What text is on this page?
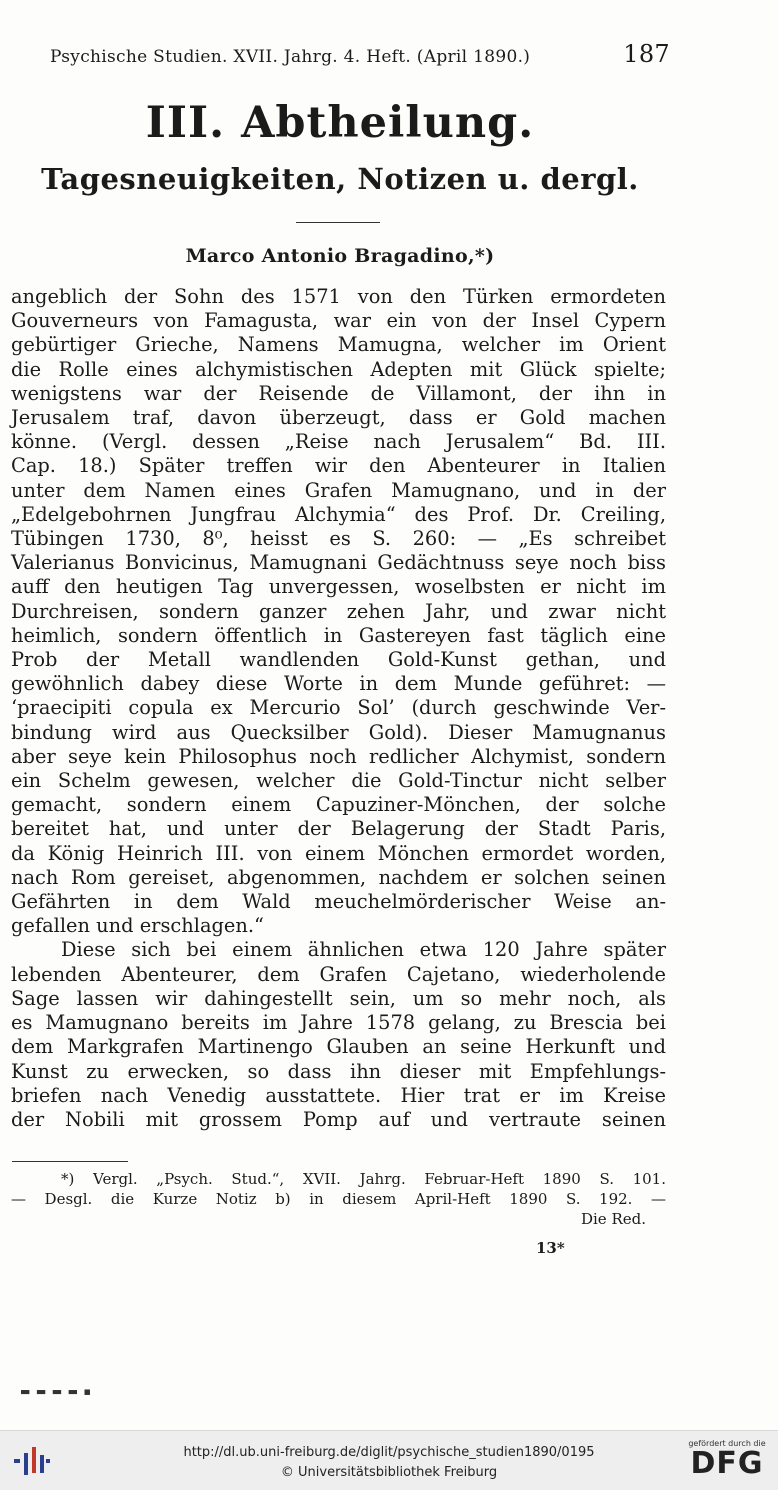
Psychische Studien. XVII. Jahrg. 4. Heft. (April 1890.)	187
III. Abtheilung.
Tagesneuigkeiten, Notizen u. dergl.
Marco Antonio Bragadino,*)
angeblich der Sohn des 1571 von den Türken ermordeten
Gouverneurs von Famagusta, war ein von der Insel Cypern
gebürtiger Grieche, Namens Mamugna, welcher im Orient
die Rolle eines alchymistischen Adepten mit Glück spielte;
wenigstens war der Reisende de Villamont, der ihn in
Jerusalem traf, davon überzeugt, dass er Gold machen
könne. (Vergl. dessen „Reise nach Jerusalem“ Bd. III.
Cap. 18.) Später treffen wir den Abenteurer in Italien
unter dem Namen eines Grafen Mamugnano, und in der
„Edelgebohrnen Jungfrau Alchymia“ des Prof. Dr. Creiling,
Tübingen 1730, 8⁰, heisst es S. 260: — „Es schreibet
Valerianus Bonvicinus, Mamugnani Gedächtnuss seye noch biss
auff den heutigen Tag unvergessen, woselbsten er nicht im
Durchreisen, sondern ganzer zehen Jahr, und zwar nicht
heimlich, sondern öffentlich in Gastereyen fast täglich eine
Prob der Metall wandlenden Gold-Kunst gethan, und
gewöhnlich dabey diese Worte in dem Munde geführet: —
‘praecipiti copula ex Mercurio Sol’ (durch geschwinde Ver-
bindung wird aus Quecksilber Gold). Dieser Mamugnanus
aber seye kein Philosophus noch redlicher Alchymist, sondern
ein Schelm gewesen, welcher die Gold-Tinctur nicht selber
gemacht, sondern einem Capuziner-Mönchen, der solche
bereitet hat, und unter der Belagerung der Stadt Paris,
da König Heinrich III. von einem Mönchen ermordet worden,
nach Rom gereiset, abgenommen, nachdem er solchen seinen
Gefährten in dem Wald meuchelmörderischer Weise an-
gefallen und erschlagen.“
Diese sich bei einem ähnlichen etwa 120 Jahre später
lebenden Abenteurer, dem Grafen Cajetano, wiederholende
Sage lassen wir dahingestellt sein, um so mehr noch, als
es Mamugnano bereits im Jahre 1578 gelang, zu Brescia bei
dem Markgrafen Martinengo Glauben an seine Herkunft und
Kunst zu erwecken, so dass ihn dieser mit Empfehlungs-
briefen nach Venedig ausstattete. Hier trat er im Kreise
der Nobili mit grossem Pomp auf und vertraute seinen
*) Vergl. „Psych. Stud.“, XVII. Jahrg. Februar-Heft 1890 S. 101.
— Desgl. die Kurze Notiz b) in diesem April-Heft 1890 S. 192. —
Die Red.
13*
▬ ▬ ▬ ▬ ▪
http://dl.ub.uni-freiburg.de/diglit/psychische_studien1890/0195
© Universitätsbibliothek Freiburg
gefördert durch die
DFG
